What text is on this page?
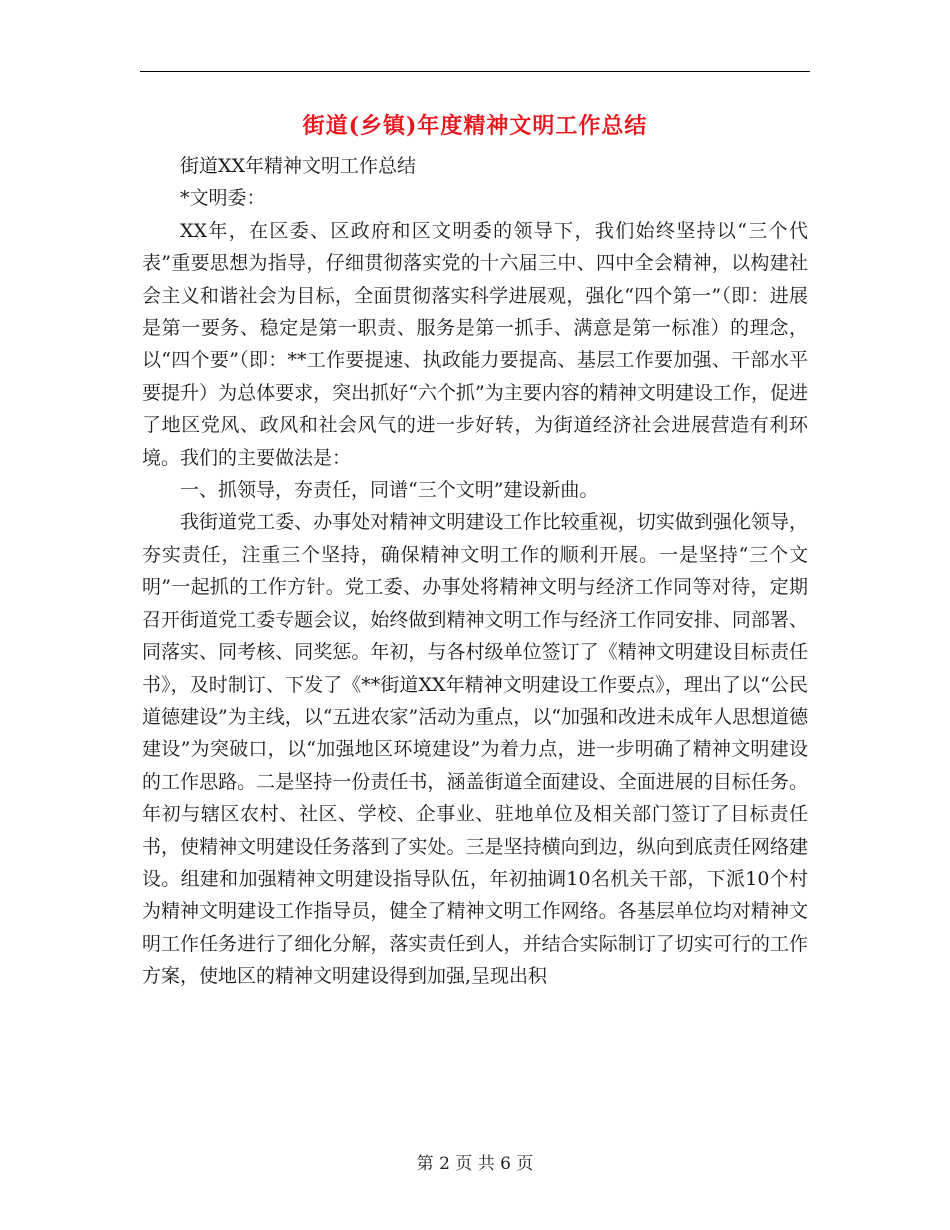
街道(乡镇)年度精神文明工作总结

街道XX年精神文明工作总结

*文明委：

XX年，在区委、区政府和区文明委的领导下，我们始终坚持以“三个代表”重要思想为指导，仔细贯彻落实党的十六届三中、四中全会精神，以构建社会主义和谐社会为目标，全面贯彻落实科学进展观，强化“四个第一”（即：进展是第一要务、稳定是第一职责、服务是第一抓手、满意是第一标准）的理念，以“四个要”（即：**工作要提速、执政能力要提高、基层工作要加强、干部水平要提升）为总体要求，突出抓好“六个抓”为主要内容的精神文明建设工作，促进了地区党风、政风和社会风气的进一步好转，为街道经济社会进展营造有利环境。我们的主要做法是：

一、抓领导，夯责任，同谱“三个文明”建设新曲。

我街道党工委、办事处对精神文明建设工作比较重视，切实做到强化领导，夯实责任，注重三个坚持，确保精神文明工作的顺利开展。一是坚持“三个文明”一起抓的工作方针。党工委、办事处将精神文明与经济工作同等对待，定期召开街道党工委专题会议，始终做到精神文明工作与经济工作同安排、同部署、同落实、同考核、同奖惩。年初，与各村级单位签订了《精神文明建设目标责任书》，及时制订、下发了《**街道XX年精神文明建设工作要点》，理出了以“公民道德建设”为主线，以“五进农家”活动为重点，以“加强和改进未成年人思想道德建设”为突破口，以“加强地区环境建设”为着力点，进一步明确了精神文明建设的工作思路。二是坚持一份责任书，涵盖街道全面建设、全面进展的目标任务。年初与辖区农村、社区、学校、企事业、驻地单位及相关部门签订了目标责任书，使精神文明建设任务落到了实处。三是坚持横向到边，纵向到底责任网络建设。组建和加强精神文明建设指导队伍，年初抽调10名机关干部，下派10个村为精神文明建设工作指导员，健全了精神文明工作网络。各基层单位均对精神文明工作任务进行了细化分解，落实责任到人，并结合实际制订了切实可行的工作方案，使地区的精神文明建设得到加强,呈现出积

第 2 页 共 6 页
